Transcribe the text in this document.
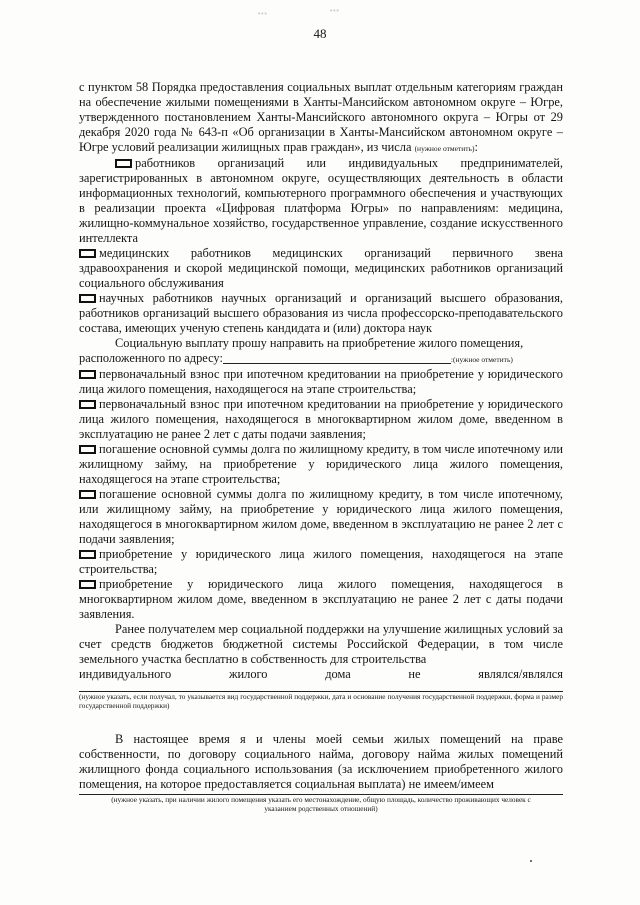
...	...
48

с пунктом 58 Порядка предоставления социальных выплат отдельным категориям граждан на обеспечение жилыми помещениями в Ханты-Мансийском автономном округе – Югре, утвержденного постановлением Ханты-Мансийского автономного округа – Югры от 29 декабря 2020 года № 643-п «Об организации в Ханты-Мансийском автономном округе – Югре условий реализации жилищных прав граждан», из числа (нужное отметить):

работников организаций или индивидуальных предпринимателей, зарегистрированных в автономном округе, осуществляющих деятельность в области информационных технологий, компьютерного программного обеспечения и участвующих в реализации проекта «Цифровая платформа Югры» по направлениям: медицина, жилищно-коммунальное хозяйство, государственное управление, создание искусственного интеллекта

медицинских работников медицинских организаций первичного звена здравоохранения и скорой медицинской помощи, медицинских работников организаций социального обслуживания

научных работников научных организаций и организаций высшего образования, работников организаций высшего образования из числа профессорско-преподавательского состава, имеющих ученую степень кандидата и (или) доктора наук

Социальную выплату прошу направить на приобретение жилого помещения,

расположенного по адресу:	:(нужное отметить)

первоначальный взнос при ипотечном кредитовании на приобретение у юридического лица жилого помещения, находящегося на этапе строительства;

первоначальный взнос при ипотечном кредитовании на приобретение у юридического лица жилого помещения, находящегося в многоквартирном жилом доме, введенном в эксплуатацию не ранее 2 лет с даты подачи заявления;

погашение основной суммы долга по жилищному кредиту, в том числе ипотечному или жилищному займу, на приобретение у юридического лица жилого помещения, находящегося на этапе строительства;

погашение основной суммы долга по жилищному кредиту, в том числе ипотечному, или жилищному займу, на приобретение у юридического лица жилого помещения, находящегося в многоквартирном жилом доме, введенном в эксплуатацию не ранее 2 лет с подачи заявления;

приобретение у юридического лица жилого помещения, находящегося на этапе строительства;

приобретение у юридического лица жилого помещения, находящегося в многоквартирном жилом доме, введенном в эксплуатацию не ранее 2 лет с даты подачи заявления.

Ранее получателем мер социальной поддержки на улучшение жилищных условий за счет средств бюджетов бюджетной системы Российской Федерации, в том числе земельного участка бесплатно в собственность для строительства

индивидуального жилого дома не являлся/являлся

(нужное указать, если получал, то указывается вид государственной поддержки, дата и основание получения государственной поддержки, форма и размер государственной поддержки)

В настоящее время я и члены моей семьи жилых помещений на праве собственности, по договору социального найма, договору найма жилых помещений жилищного фонда социального использования (за исключением приобретенного жилого помещения, на которое предоставляется социальная выплата) не имеем/имеем

(нужное указать, при наличии жилого помещения указать его местонахождение, общую площадь, количество проживающих человек с указанием родственных отношений)
